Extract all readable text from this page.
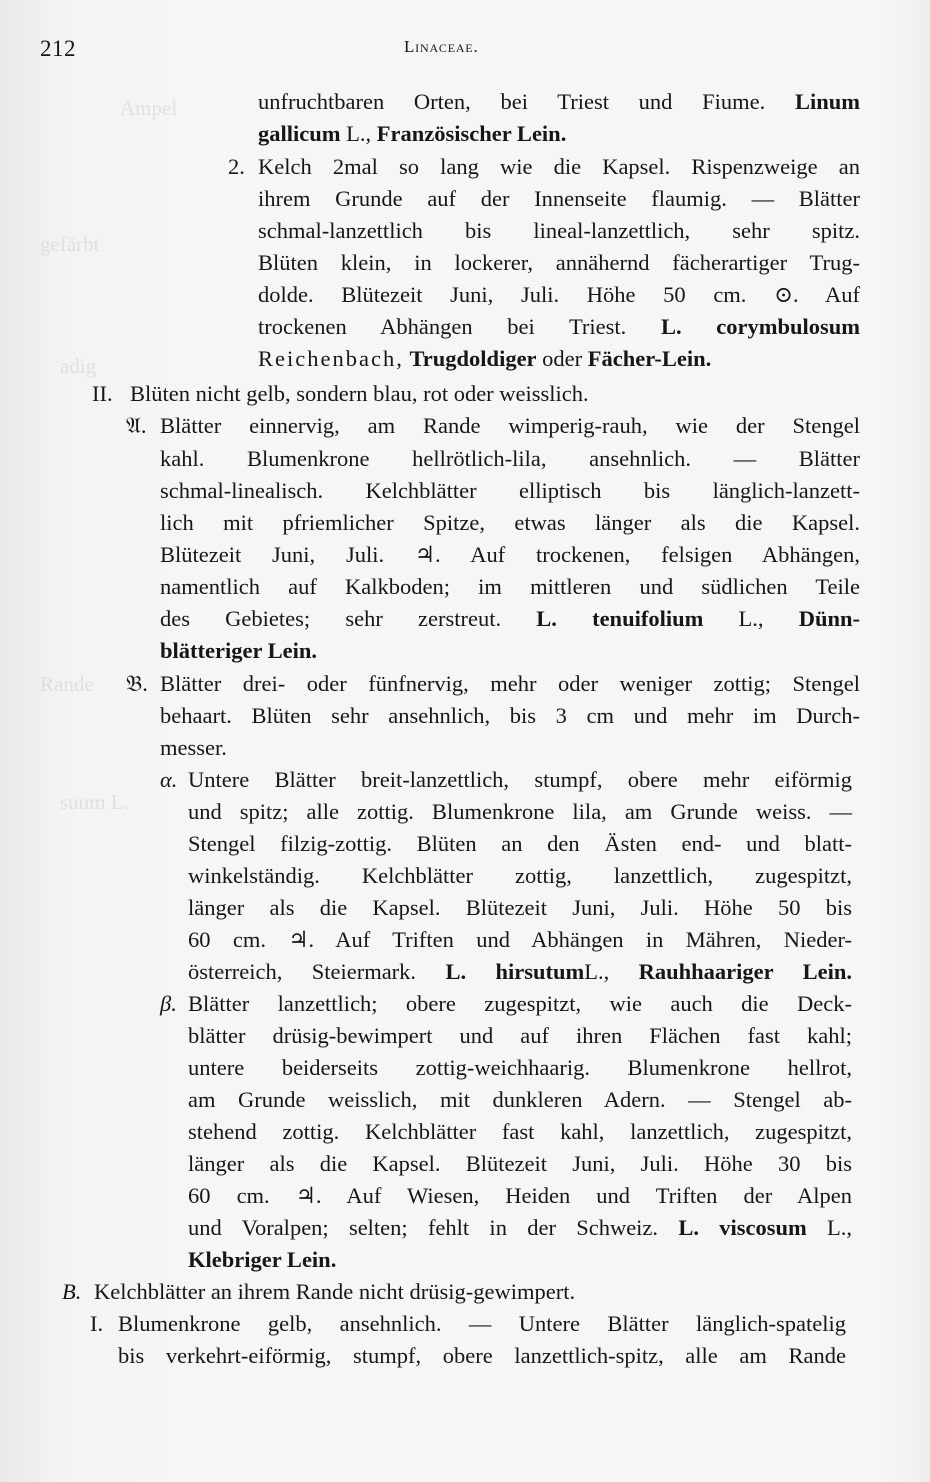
Ampel
gefärbt
adig
Rande
suum L.
212	Linaceae.
unfruchtbaren Orten, bei Triest und Fiume. Linum
gallicum L., Französischer Lein.
2. Kelch 2mal so lang wie die Kapsel. Rispenzweige an
ihrem Grunde auf der Innenseite flaumig. — Blätter
schmal-lanzettlich bis lineal-lanzettlich, sehr spitz.
Blüten klein, in lockerer, annähernd fächerartiger Trug-
dolde. Blütezeit Juni, Juli. Höhe 50 cm. ⊙. Auf
trockenen Abhängen bei Triest. L. corymbulosum
Reichenbach, Trugdoldiger oder Fächer-Lein.
II. Blüten nicht gelb, sondern blau, rot oder weisslich.
𝔄. Blätter einnervig, am Rande wimperig-rauh, wie der Stengel
kahl. Blumenkrone hellrötlich-lila, ansehnlich. — Blätter
schmal-linealisch. Kelchblätter elliptisch bis länglich-lanzett-
lich mit pfriemlicher Spitze, etwas länger als die Kapsel.
Blütezeit Juni, Juli. ♃. Auf trockenen, felsigen Abhängen,
namentlich auf Kalkboden; im mittleren und südlichen Teile
des Gebietes; sehr zerstreut. L. tenuifolium L., Dünn-
blätteriger Lein.
𝔅. Blätter drei- oder fünfnervig, mehr oder weniger zottig; Stengel
behaart. Blüten sehr ansehnlich, bis 3 cm und mehr im Durch-
messer.
α. Untere Blätter breit-lanzettlich, stumpf, obere mehr eiförmig
und spitz; alle zottig. Blumenkrone lila, am Grunde weiss. —
Stengel filzig-zottig. Blüten an den Ästen end- und blatt-
winkelständig. Kelchblätter zottig, lanzettlich, zugespitzt,
länger als die Kapsel. Blütezeit Juni, Juli. Höhe 50 bis
60 cm. ♃. Auf Triften und Abhängen in Mähren, Nieder-
österreich, Steiermark. L. hirsutumL., Rauhhaariger Lein.
β. Blätter lanzettlich; obere zugespitzt, wie auch die Deck-
blätter drüsig-bewimpert und auf ihren Flächen fast kahl;
untere beiderseits zottig-weichhaarig. Blumenkrone hellrot,
am Grunde weisslich, mit dunkleren Adern. — Stengel ab-
stehend zottig. Kelchblätter fast kahl, lanzettlich, zugespitzt,
länger als die Kapsel. Blütezeit Juni, Juli. Höhe 30 bis
60 cm. ♃. Auf Wiesen, Heiden und Triften der Alpen
und Voralpen; selten; fehlt in der Schweiz. L. viscosum L.,
Klebriger Lein.
B. Kelchblätter an ihrem Rande nicht drüsig-gewimpert.
I. Blumenkrone gelb, ansehnlich. — Untere Blätter länglich-spatelig
bis verkehrt-eiförmig, stumpf, obere lanzettlich-spitz, alle am Rande
